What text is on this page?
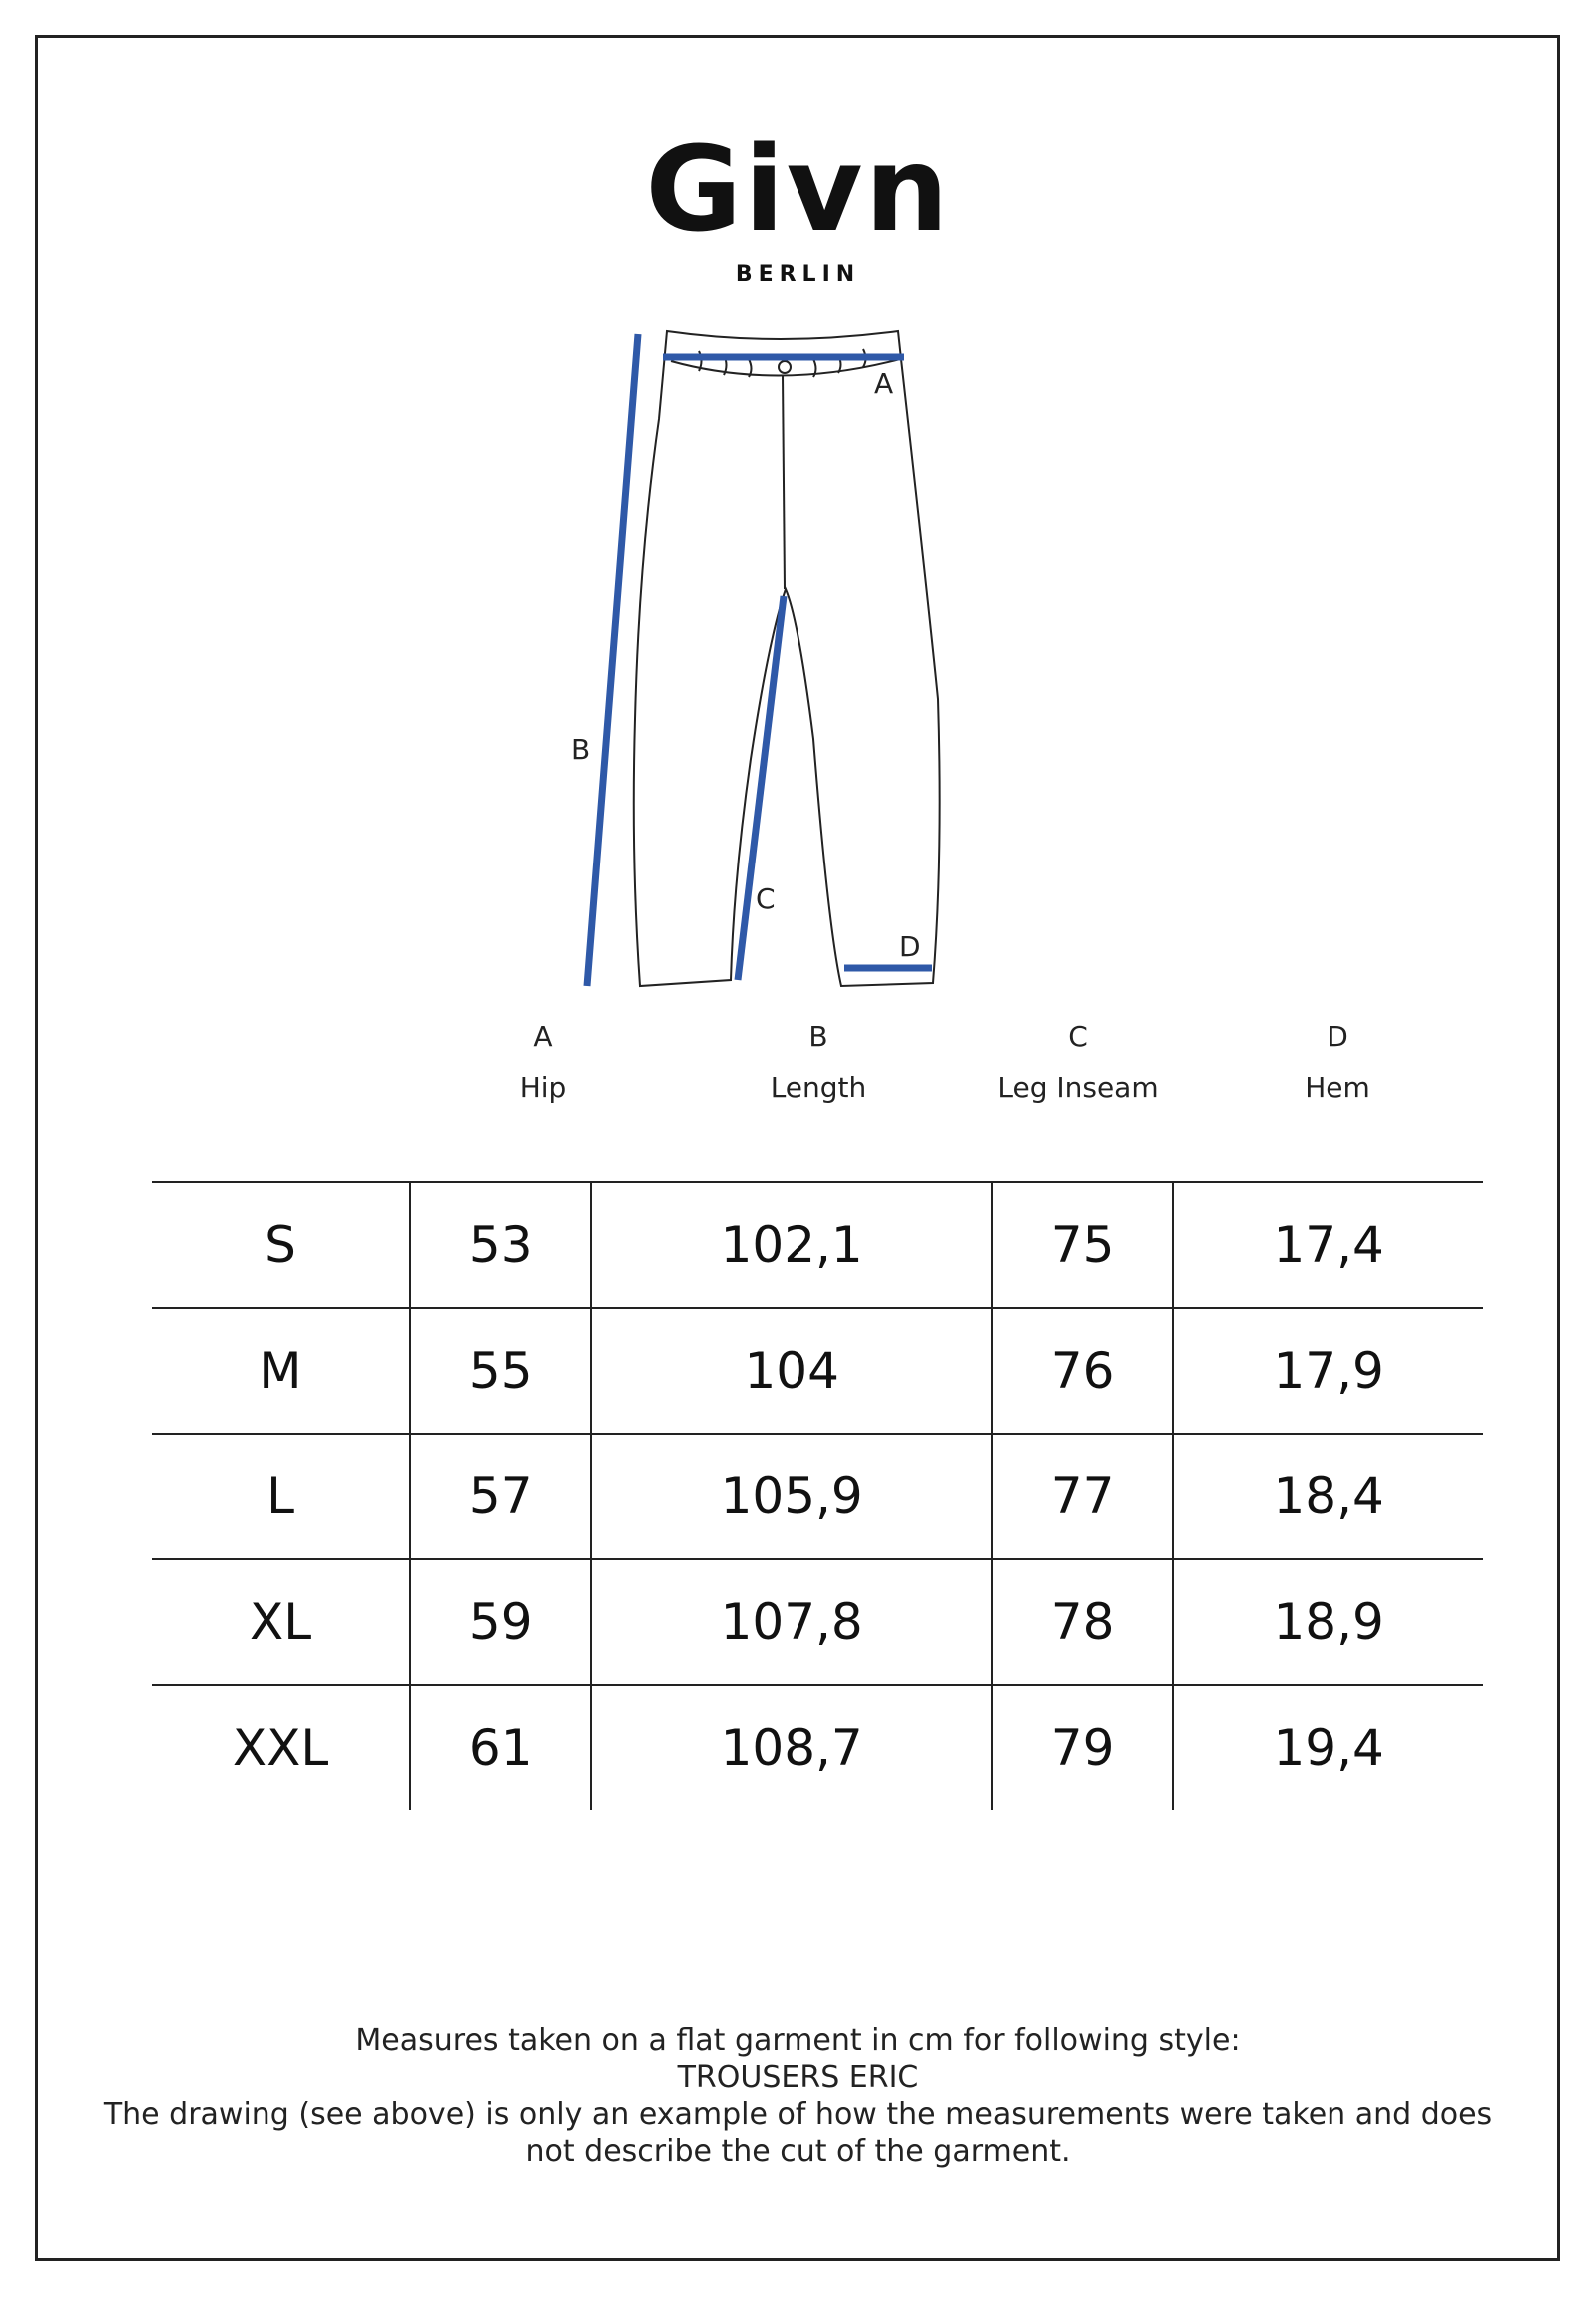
Givn
BERLIN
A
B
C
D
A
Hip
B
Length
C
Leg Inseam
D
Hem
S	53	102,1	75	17,4
M	55	104	76	17,9
L	57	105,9	77	18,4
XL	59	107,8	78	18,9
XXL	61	108,7	79	19,4
Measures taken on a flat garment in cm for following style:
TROUSERS ERIC
The drawing (see above) is only an example of how the measurements were taken and does
not describe the cut of the garment.
